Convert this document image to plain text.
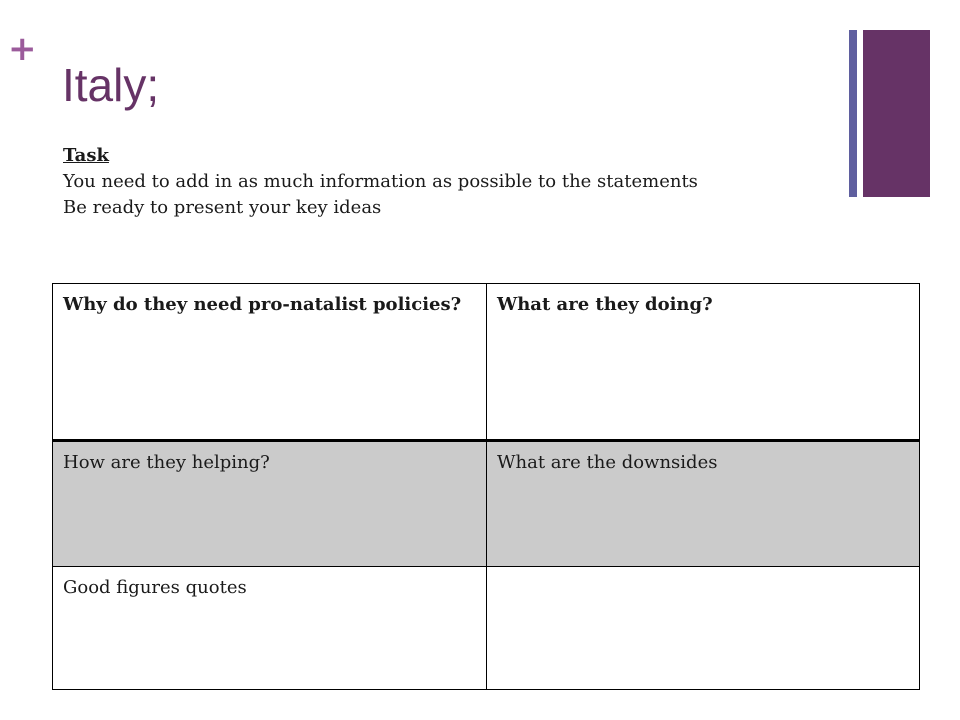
+
Italy;
Task
You need to add in as much information as possible to the statements
Be ready to present your key ideas
Why do they need pro-natalist policies?	What are they doing?
How are they helping?	What are the downsides
Good figures quotes	
